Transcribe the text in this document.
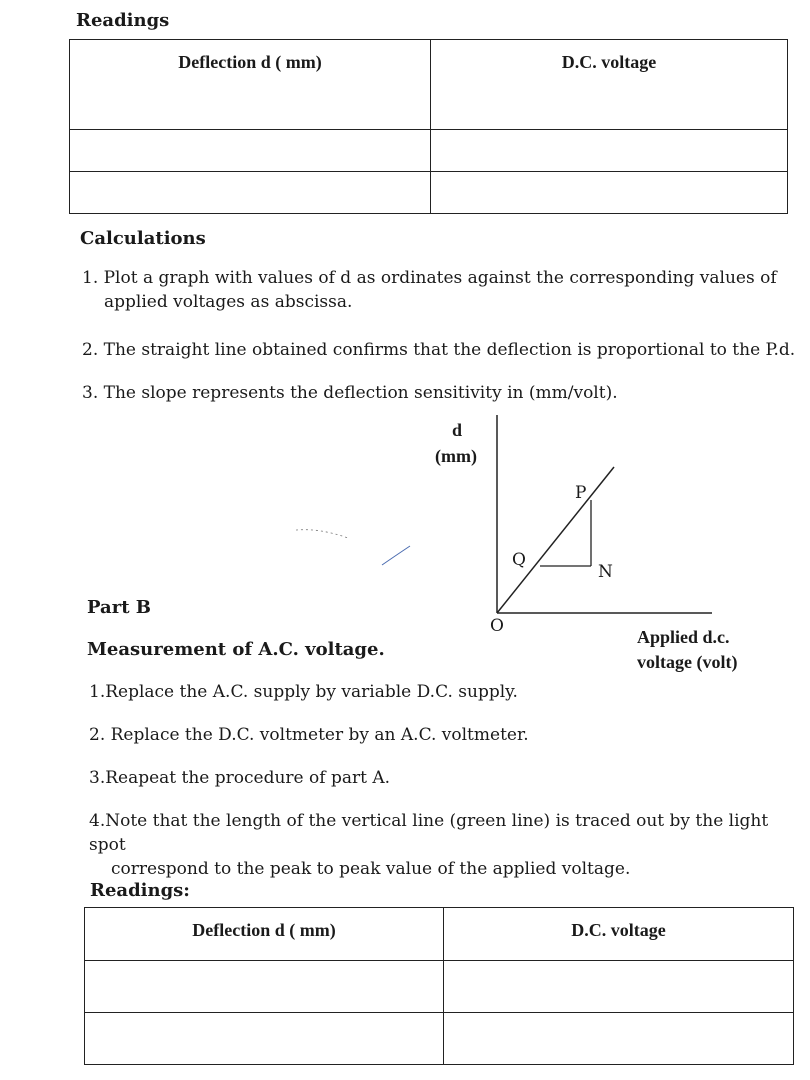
Readings
Deflection d ( mm)	D.C. voltage

Calculations
1. Plot a graph with values of d as ordinates against the corresponding values of
applied voltages as abscissa.
2. The straight line obtained confirms that the deflection is proportional to the P.d.
3. The slope represents the deflection sensitivity in (mm/volt).
d
(mm)
P
Q
N
O
Applied d.c.
voltage (volt)
Part B
Measurement of A.C. voltage.
1.Replace the A.C. supply by variable D.C. supply.
2. Replace the D.C. voltmeter by an A.C. voltmeter.
3.Reapeat the procedure of part A.
4.Note that the length of the vertical line (green line) is traced out by the light spot
correspond to the peak to peak value of the applied voltage.
Readings:
Deflection d ( mm)	D.C. voltage
